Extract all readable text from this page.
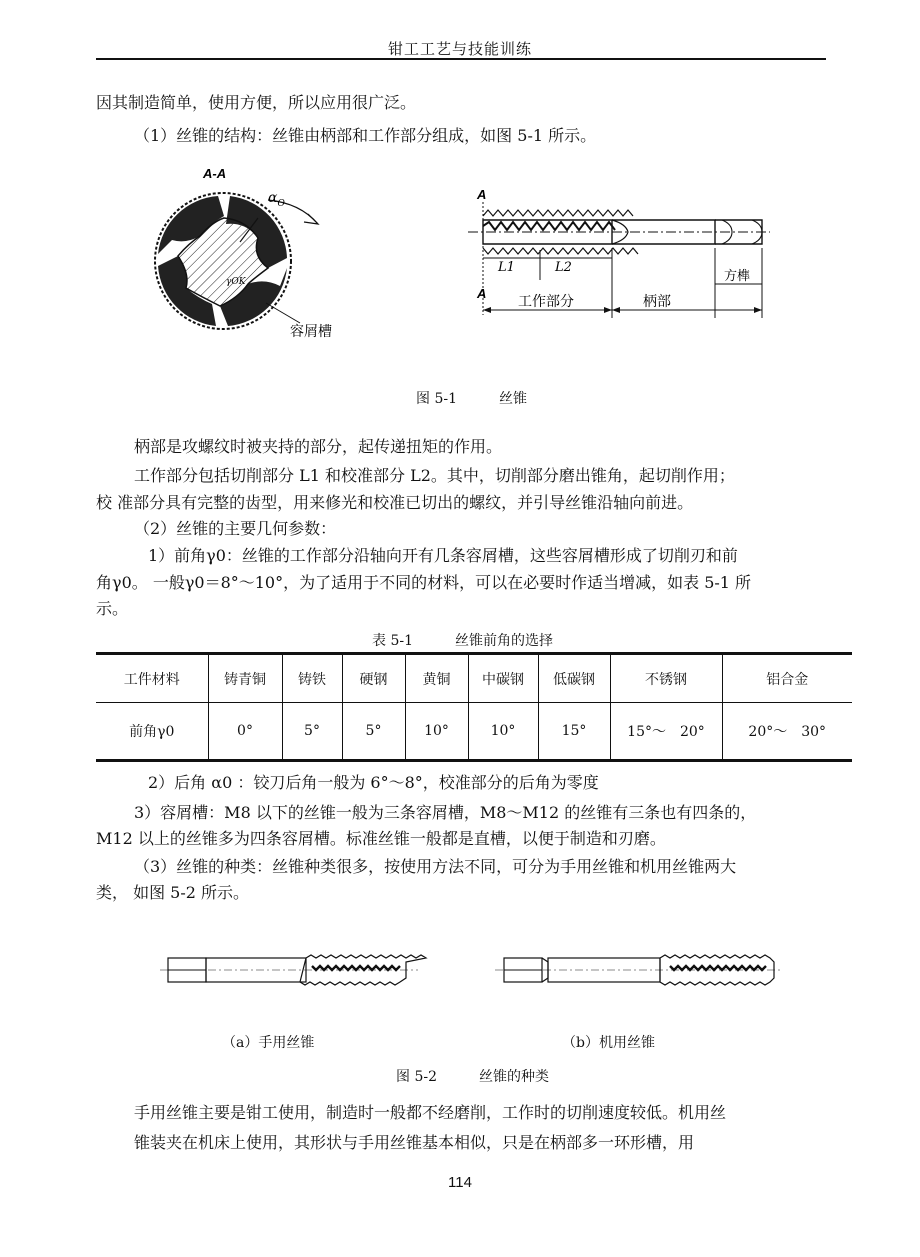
钳工工艺与技能训练
因其制造简单，使用方便，所以应用很广泛。
（1）丝锥的结构：丝锥由柄部和工作部分组成，如图 5-1 所示。
A-A
$\alpha_O$
γOK
容屑槽
A
L1	L2
方榫
A
工作部分	柄部
图 5-1	丝锥
柄部是攻螺纹时被夹持的部分，起传递扭矩的作用。
工作部分包括切削部分 L1 和校准部分 L2。其中，切削部分磨出锥角，起切削作用；
校 准部分具有完整的齿型，用来修光和校准已切出的螺纹，并引导丝锥沿轴向前进。
（2）丝锥的主要几何参数：
1）前角γ0：丝锥的工作部分沿轴向开有几条容屑槽，这些容屑槽形成了切削刃和前
角γ0。 一般γ0＝8°～10°，为了适用于不同的材料，可以在必要时作适当增减，如表 5-1 所
示。
表 5-1	丝锥前角的选择
工件材料	铸青铜	铸铁	硬钢	黄铜	中碳钢	低碳钢	不锈钢	铝合金
前角γ0	0°	5°	5°	10°	10°	15°	15°～　20°	20°～　30°
2）后角 α0 ：铰刀后角一般为 6°～8°，校准部分的后角为零度
3）容屑槽：M8 以下的丝锥一般为三条容屑槽，M8～M12 的丝锥有三条也有四条的，
M12 以上的丝锥多为四条容屑槽。标准丝锥一般都是直槽，以便于制造和刃磨。
（3）丝锥的种类：丝锥种类很多，按使用方法不同，可分为手用丝锥和机用丝锥两大
类， 如图 5-2 所示。
（a）手用丝锥	（b）机用丝锥
图 5-2	丝锥的种类
手用丝锥主要是钳工使用，制造时一般都不经磨削，工作时的切削速度较低。机用丝
锥装夹在机床上使用，其形状与手用丝锥基本相似，只是在柄部多一环形槽，用
114
